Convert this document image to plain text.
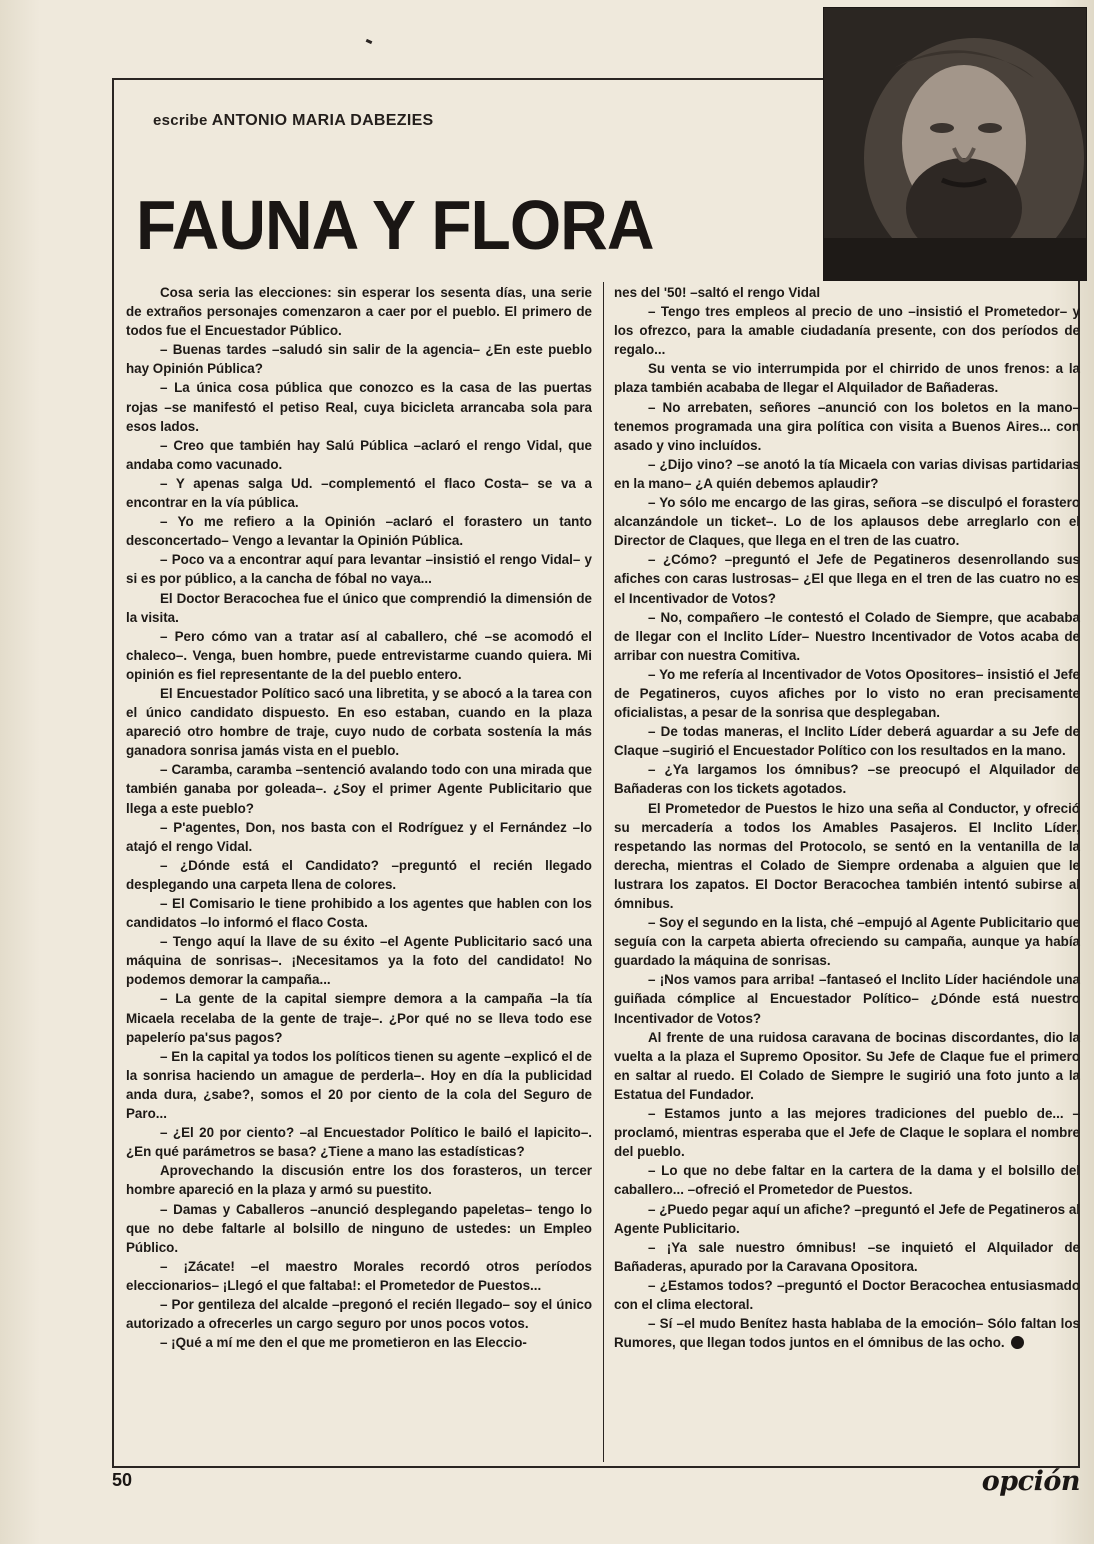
escribe ANTONIO MARIA DABEZIES
FAUNA Y FLORA

Cosa seria las elecciones: sin esperar los sesenta días, una serie de extraños personajes comenzaron a caer por el pueblo. El primero de todos fue el Encuestador Público.

– Buenas tardes –saludó sin salir de la agencia– ¿En este pueblo hay Opinión Pública?

– La única cosa pública que conozco es la casa de las puertas rojas –se manifestó el petiso Real, cuya bicicleta arrancaba sola para esos lados.

– Creo que también hay Salú Pública –aclaró el rengo Vidal, que andaba como vacunado.

– Y apenas salga Ud. –complementó el flaco Costa– se va a encontrar en la vía pública.

– Yo me refiero a la Opinión –aclaró el forastero un tanto desconcertado– Vengo a levantar la Opinión Pública.

– Poco va a encontrar aquí para levantar –insistió el rengo Vidal– y si es por público, a la cancha de fóbal no vaya...

El Doctor Beracochea fue el único que comprendió la dimensión de la visita.

– Pero cómo van a tratar así al caballero, ché –se acomodó el chaleco–. Venga, buen hombre, puede entrevistarme cuando quiera. Mi opinión es fiel representante de la del pueblo entero.

El Encuestador Político sacó una libretita, y se abocó a la tarea con el único candidato dispuesto. En eso estaban, cuando en la plaza apareció otro hombre de traje, cuyo nudo de corbata sostenía la más ganadora sonrisa jamás vista en el pueblo.

– Caramba, caramba –sentenció avalando todo con una mirada que también ganaba por goleada–. ¿Soy el primer Agente Publicitario que llega a este pueblo?

– P'agentes, Don, nos basta con el Rodríguez y el Fernández –lo atajó el rengo Vidal.

– ¿Dónde está el Candidato? –preguntó el recién llegado desplegando una carpeta llena de colores.

– El Comisario le tiene prohibido a los agentes que hablen con los candidatos –lo informó el flaco Costa.

– Tengo aquí la llave de su éxito –el Agente Publicitario sacó una máquina de sonrisas–. ¡Necesitamos ya la foto del candidato! No podemos demorar la campaña...

– La gente de la capital siempre demora a la campaña –la tía Micaela recelaba de la gente de traje–. ¿Por qué no se lleva todo ese papelerío pa'sus pagos?

– En la capital ya todos los políticos tienen su agente –explicó el de la sonrisa haciendo un amague de perderla–. Hoy en día la publicidad anda dura, ¿sabe?, somos el 20 por ciento de la cola del Seguro de Paro...

– ¿El 20 por ciento? –al Encuestador Político le bailó el lapicito–. ¿En qué parámetros se basa? ¿Tiene a mano las estadísticas?

Aprovechando la discusión entre los dos forasteros, un tercer hombre apareció en la plaza y armó su puestito.

– Damas y Caballeros –anunció desplegando papeletas– tengo lo que no debe faltarle al bolsillo de ninguno de ustedes: un Empleo Público.

– ¡Zácate! –el maestro Morales recordó otros períodos eleccionarios– ¡Llegó el que faltaba!: el Prometedor de Puestos...

– Por gentileza del alcalde –pregonó el recién llegado– soy el único autorizado a ofrecerles un cargo seguro por unos pocos votos.

– ¡Qué a mí me den el que me prometieron en las Eleccio-

nes del '50! –saltó el rengo Vidal

– Tengo tres empleos al precio de uno –insistió el Prometedor– y los ofrezco, para la amable ciudadanía presente, con dos períodos de regalo...

Su venta se vio interrumpida por el chirrido de unos frenos: a la plaza también acababa de llegar el Alquilador de Bañaderas.

– No arrebaten, señores –anunció con los boletos en la mano– tenemos programada una gira política con visita a Buenos Aires... con asado y vino incluídos.

– ¿Dijo vino? –se anotó la tía Micaela con varias divisas partidarias en la mano– ¿A quién debemos aplaudir?

– Yo sólo me encargo de las giras, señora –se disculpó el forastero alcanzándole un ticket–. Lo de los aplausos debe arreglarlo con el Director de Claques, que llega en el tren de las cuatro.

– ¿Cómo? –preguntó el Jefe de Pegatineros desenrollando sus afiches con caras lustrosas– ¿El que llega en el tren de las cuatro no es el Incentivador de Votos?

– No, compañero –le contestó el Colado de Siempre, que acababa de llegar con el Inclito Líder– Nuestro Incentivador de Votos acaba de arribar con nuestra Comitiva.

– Yo me refería al Incentivador de Votos Opositores– insistió el Jefe de Pegatineros, cuyos afiches por lo visto no eran precisamente oficialistas, a pesar de la sonrisa que desplegaban.

– De todas maneras, el Inclito Líder deberá aguardar a su Jefe de Claque –sugirió el Encuestador Político con los resultados en la mano.

– ¿Ya largamos los ómnibus? –se preocupó el Alquilador de Bañaderas con los tickets agotados.

El Prometedor de Puestos le hizo una seña al Conductor, y ofreció su mercadería a todos los Amables Pasajeros. El Inclito Líder, respetando las normas del Protocolo, se sentó en la ventanilla de la derecha, mientras el Colado de Siempre ordenaba a alguien que le lustrara los zapatos. El Doctor Beracochea también intentó subirse al ómnibus.

– Soy el segundo en la lista, ché –empujó al Agente Publicitario que seguía con la carpeta abierta ofreciendo su campaña, aunque ya había guardado la máquina de sonrisas.

– ¡Nos vamos para arriba! –fantaseó el Inclito Líder haciéndole una guiñada cómplice al Encuestador Político– ¿Dónde está nuestro Incentivador de Votos?

Al frente de una ruidosa caravana de bocinas discordantes, dio la vuelta a la plaza el Supremo Opositor. Su Jefe de Claque fue el primero en saltar al ruedo. El Colado de Siempre le sugirió una foto junto a la Estatua del Fundador.

– Estamos junto a las mejores tradiciones del pueblo de... –proclamó, mientras esperaba que el Jefe de Claque le soplara el nombre del pueblo.

– Lo que no debe faltar en la cartera de la dama y el bolsillo del caballero... –ofreció el Prometedor de Puestos.

– ¿Puedo pegar aquí un afiche? –preguntó el Jefe de Pegatineros al Agente Publicitario.

– ¡Ya sale nuestro ómnibus! –se inquietó el Alquilador de Bañaderas, apurado por la Caravana Opositora.

– ¿Estamos todos? –preguntó el Doctor Beracochea entusiasmado con el clima electoral.

– Sí –el mudo Benítez hasta hablaba de la emoción– Sólo faltan los Rumores, que llegan todos juntos en el ómnibus de las ocho.

50	opción
